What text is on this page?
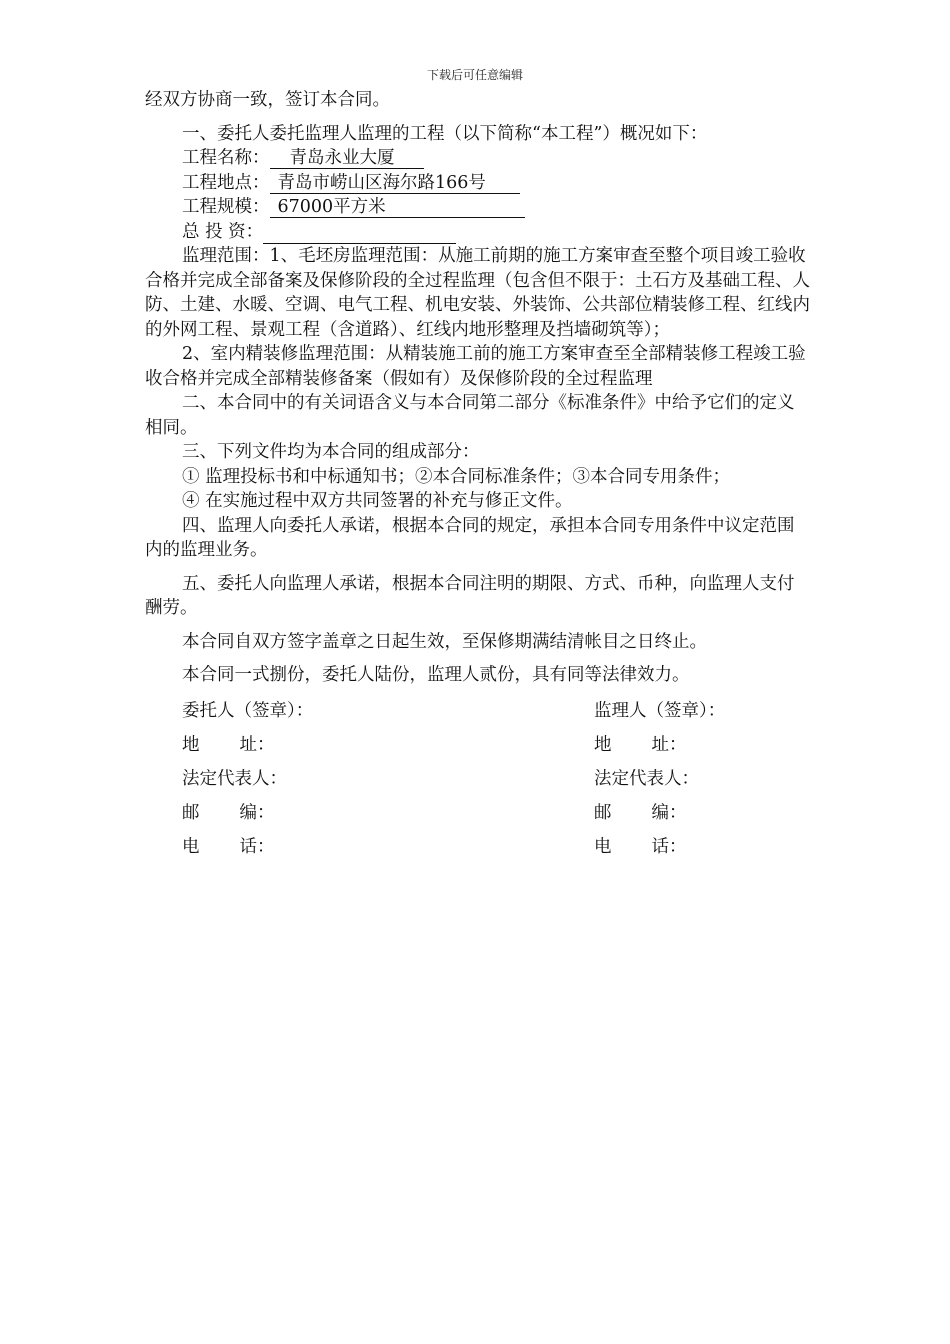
下载后可任意编辑

经双方协商一致，签订本合同。

一、委托人委托监理人监理的工程（以下简称“本工程”）概况如下：

工程名称： 青岛永业大厦
工程地点： 青岛市崂山区海尔路166号
工程规模： 67000平方米
总 投 资：

监理范围：1、毛坯房监理范围：从施工前期的施工方案审查至整个项目竣工验收合格并完成全部备案及保修阶段的全过程监理（包含但不限于：土石方及基础工程、人防、土建、水暖、空调、电气工程、机电安装、外装饰、公共部位精装修工程、红线内的外网工程、景观工程（含道路）、红线内地形整理及挡墙砌筑等）；

2、室内精装修监理范围：从精装施工前的施工方案审查至全部精装修工程竣工验收合格并完成全部精装修备案（假如有）及保修阶段的全过程监理

二、本合同中的有关词语含义与本合同第二部分《标准条件》中给予它们的定义相同。

三、下列文件均为本合同的组成部分：

① 监理投标书和中标通知书；②本合同标准条件；③本合同专用条件；

④ 在实施过程中双方共同签署的补充与修正文件。

四、监理人向委托人承诺，根据本合同的规定，承担本合同专用条件中议定范围内的监理业务。

五、委托人向监理人承诺，根据本合同注明的期限、方式、币种，向监理人支付酬劳。

本合同自双方签字盖章之日起生效，至保修期满结清帐目之日终止。

本合同一式捌份，委托人陆份，监理人贰份，具有同等法律效力。

委托人（签章）：	监理人（签章）：
地 址：	地 址：
法定代表人：	法定代表人：
邮 编：	邮 编：
电 话：	电 话：
